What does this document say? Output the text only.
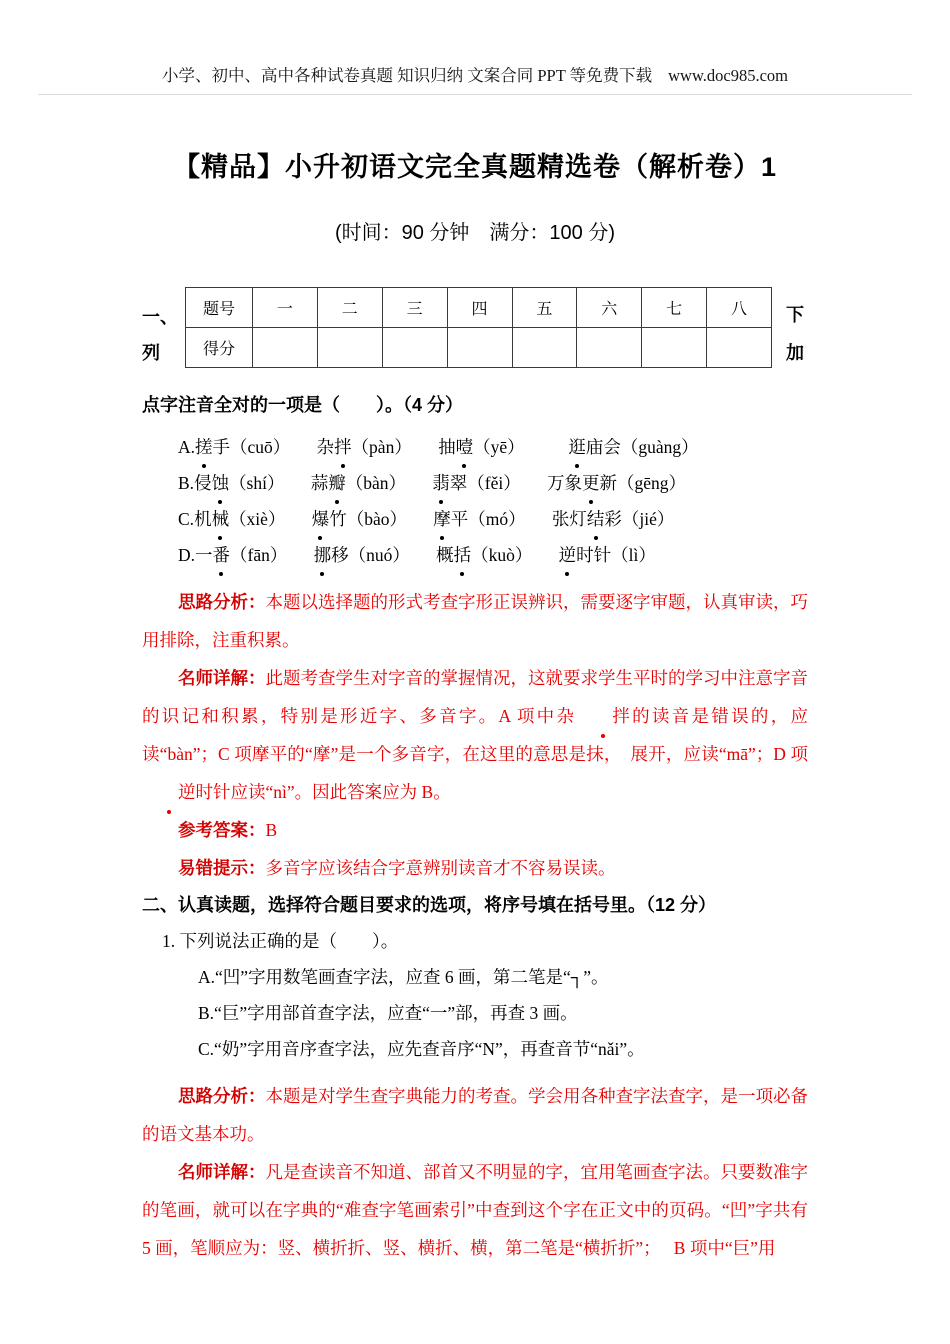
小学、初中、高中各种试卷真题 知识归纳 文案合同 PPT 等免费下载 www.doc985.com
【精品】小升初语文完全真题精选卷（解析卷）1
(时间：90 分钟　满分：100 分)
一、	下
列	加
题号	一	二	三	四	五	六	七	八
得分								
点字注音全对的一项是（　　）。（4 分）
A.搓手（cuō）　　杂拌（pàn）　　抽噎（yē）　　　逛庙会（guàng）
B.侵蚀（shí）　　蒜瓣（bàn）　　翡翠（fěi）　　万象更新（gēng）
C.机械（xiè）　　爆竹（bào）　　摩平（mó）　　张灯结彩（jié）
D.一番（fān）　　挪移（nuó）　　概括（kuò）　　逆时针（lì）

思路分析：本题以选择题的形式考查字形正误辨识，需要逐字审题，认真审读，巧用排除，注重积累。

名师详解：此题考查学生对字音的掌握情况，这就要求学生平时的学习中注意字音的识记和积累，特别是形近字、多音字。A 项中杂 拌的读音是错误的，应读“bàn”；C 项摩平的“摩”是一个多音字，在这里的意思是抹，　展开，应读“mā”；D 项逆时针应读“nì”。因此答案应为 B。

参考答案：B

易错提示：多音字应该结合字意辨别读音才不容易误读。

二、认真读题，选择符合题目要求的选项，将序号填在括号里。（12 分）
1. 下列说法正确的是（　　）。
A.“凹”字用数笔画查字法，应查 6 画，第二笔是“┐”。
B.“巨”字用部首查字法，应查“一”部，再查 3 画。
C.“奶”字用音序查字法，应先查音序“N”，再查音节“nǎi”。

思路分析：本题是对学生查字典能力的考查。学会用各种查字法查字，是一项必备的语文基本功。

名师详解：凡是查读音不知道、部首又不明显的字，宜用笔画查字法。只要数准字的笔画，就可以在字典的“难查字笔画索引”中查到这个字在正文中的页码。“凹”字共有 5 画，笔顺应为：竖、横折折、竖、横折、横，第二笔是“横折折”；　 B 项中“巨”用
